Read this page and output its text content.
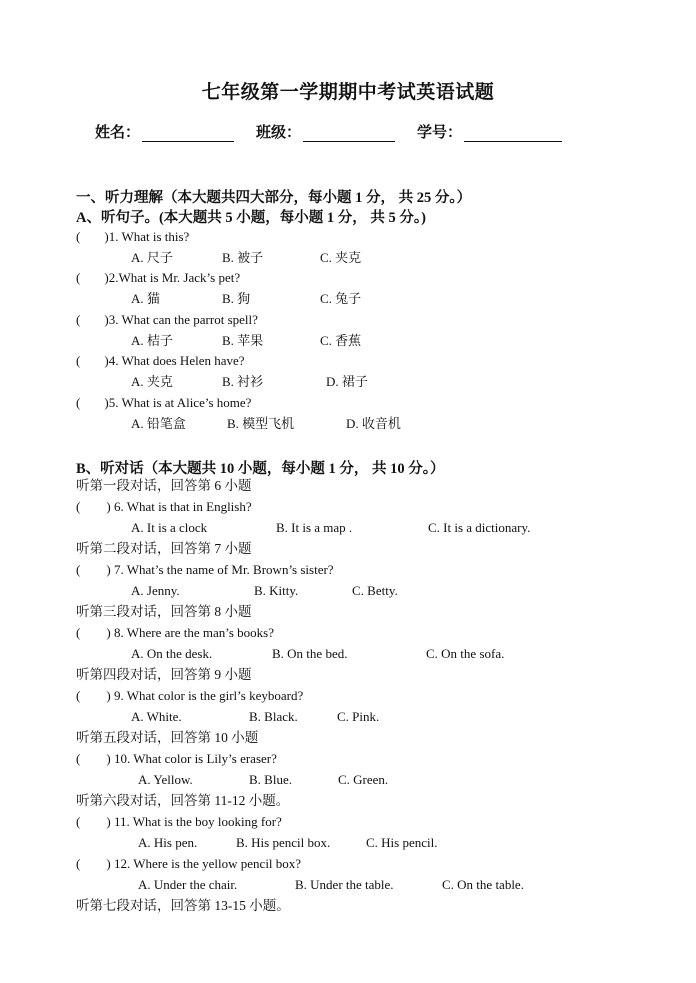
七年级第一学期期中考试英语试题
姓名：	班级：	学号：
一、听力理解（本大题共四大部分，每小题 1 分， 共 25 分。）
A、听句子。(本大题共 5 小题，每小题 1 分， 共 5 分。)
( )1. What is this?
A. 尺子	B. 被子	C. 夹克
( )2.What is Mr. Jack’s pet?
A. 猫	B. 狗	C. 兔子
( )3. What can the parrot spell?
A. 桔子	B. 苹果	C. 香蕉
( )4. What does Helen have?
A. 夹克	B. 衬衫	D. 裙子
( )5. What is at Alice’s home?
A. 铅笔盒	B. 模型飞机	D. 收音机
B、听对话（本大题共 10 小题，每小题 1 分， 共 10 分。）
听第一段对话，回答第 6 小题
( ) 6. What is that in English?
A. It is a clock	B. It is a map .	C. It is a dictionary.
听第二段对话，回答第 7 小题
( ) 7. What’s the name of Mr. Brown’s sister?
A. Jenny.	B. Kitty.	C. Betty.
听第三段对话，回答第 8 小题
( ) 8. Where are the man’s books?
A. On the desk.	B. On the bed.	C. On the sofa.
听第四段对话，回答第 9 小题
( ) 9. What color is the girl’s keyboard?
A. White.	B. Black.	C. Pink.
听第五段对话，回答第 10 小题
( ) 10. What color is Lily’s eraser?
A. Yellow.	B. Blue.	C. Green.
听第六段对话，回答第 11-12 小题。
( ) 11. What is the boy looking for?
A. His pen.	B. His pencil box.	C. His pencil.
( ) 12. Where is the yellow pencil box?
A. Under the chair.	B. Under the table.	C. On the table.
听第七段对话，回答第 13-15 小题。
